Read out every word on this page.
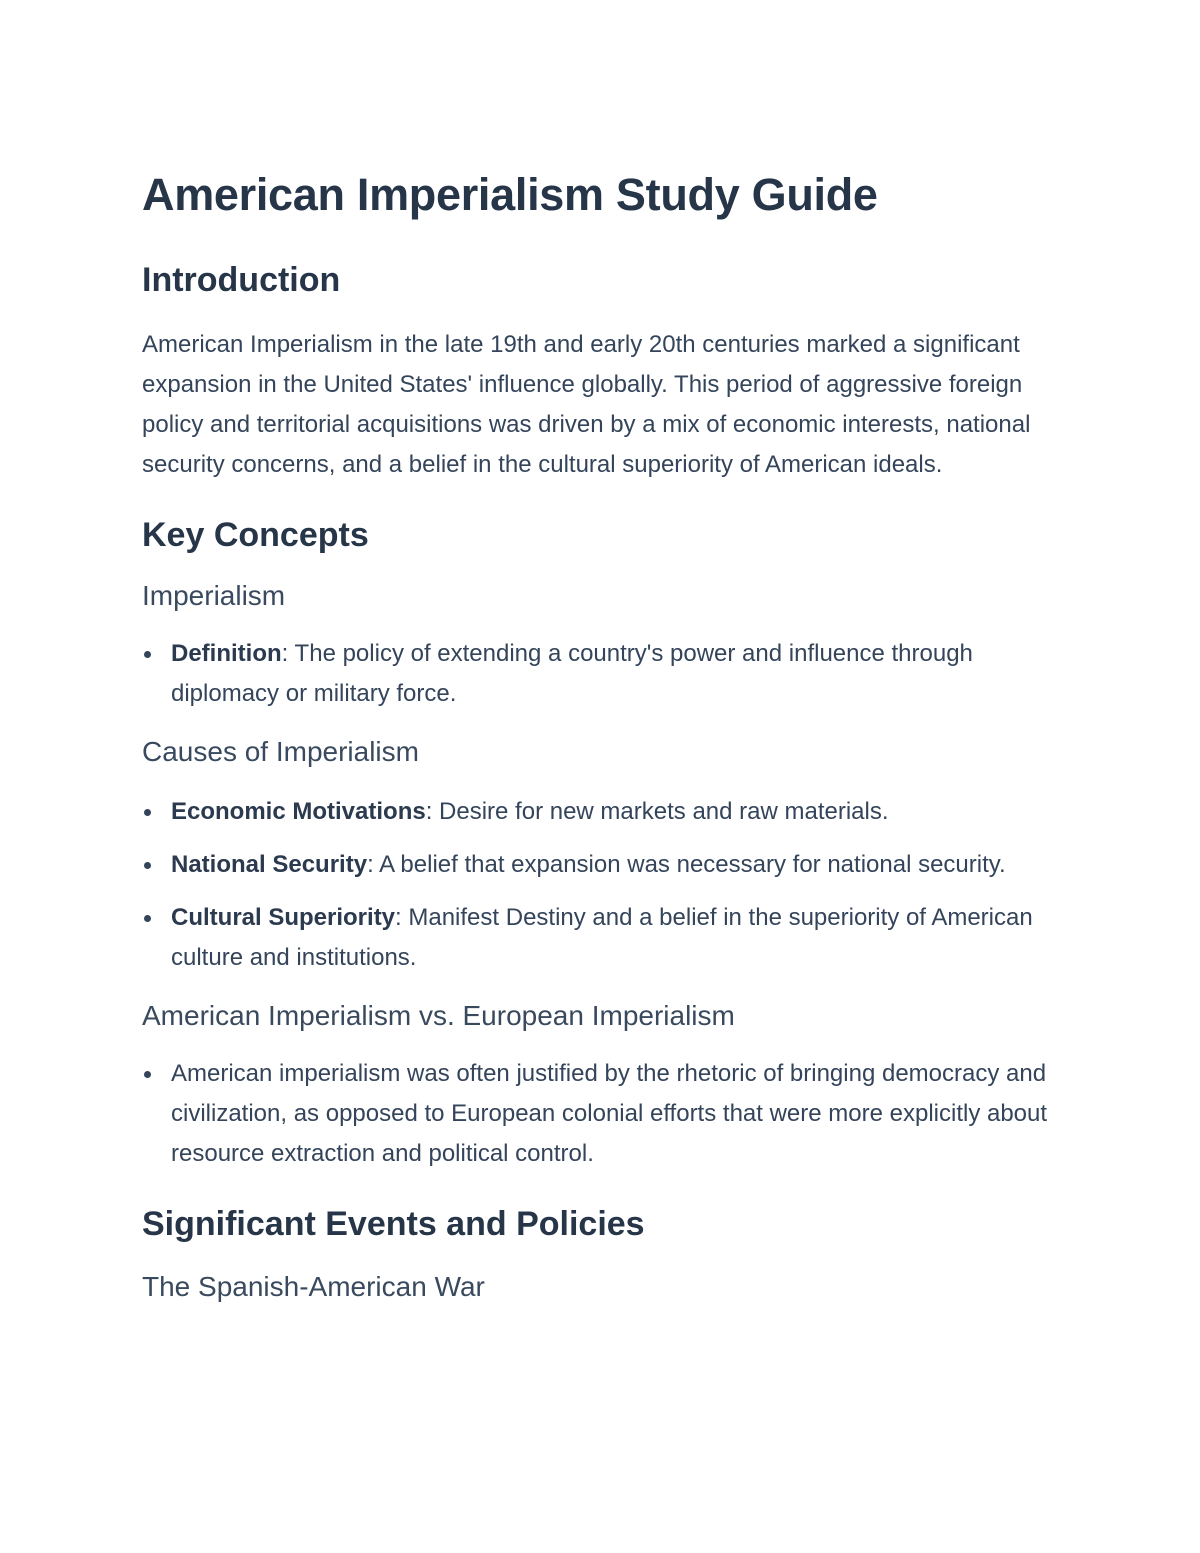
American Imperialism Study Guide
Introduction

American Imperialism in the late 19th and early 20th centuries marked a significant expansion in the United States' influence globally. This period of aggressive foreign policy and territorial acquisitions was driven by a mix of economic interests, national security concerns, and a belief in the cultural superiority of American ideals.

Key Concepts
Imperialism
Definition: The policy of extending a country's power and influence through diplomacy or military force.
Causes of Imperialism
Economic Motivations: Desire for new markets and raw materials.
National Security: A belief that expansion was necessary for national security.
Cultural Superiority: Manifest Destiny and a belief in the superiority of American culture and institutions.
American Imperialism vs. European Imperialism
American imperialism was often justified by the rhetoric of bringing democracy and civilization, as opposed to European colonial efforts that were more explicitly about resource extraction and political control.
Significant Events and Policies
The Spanish-American War
